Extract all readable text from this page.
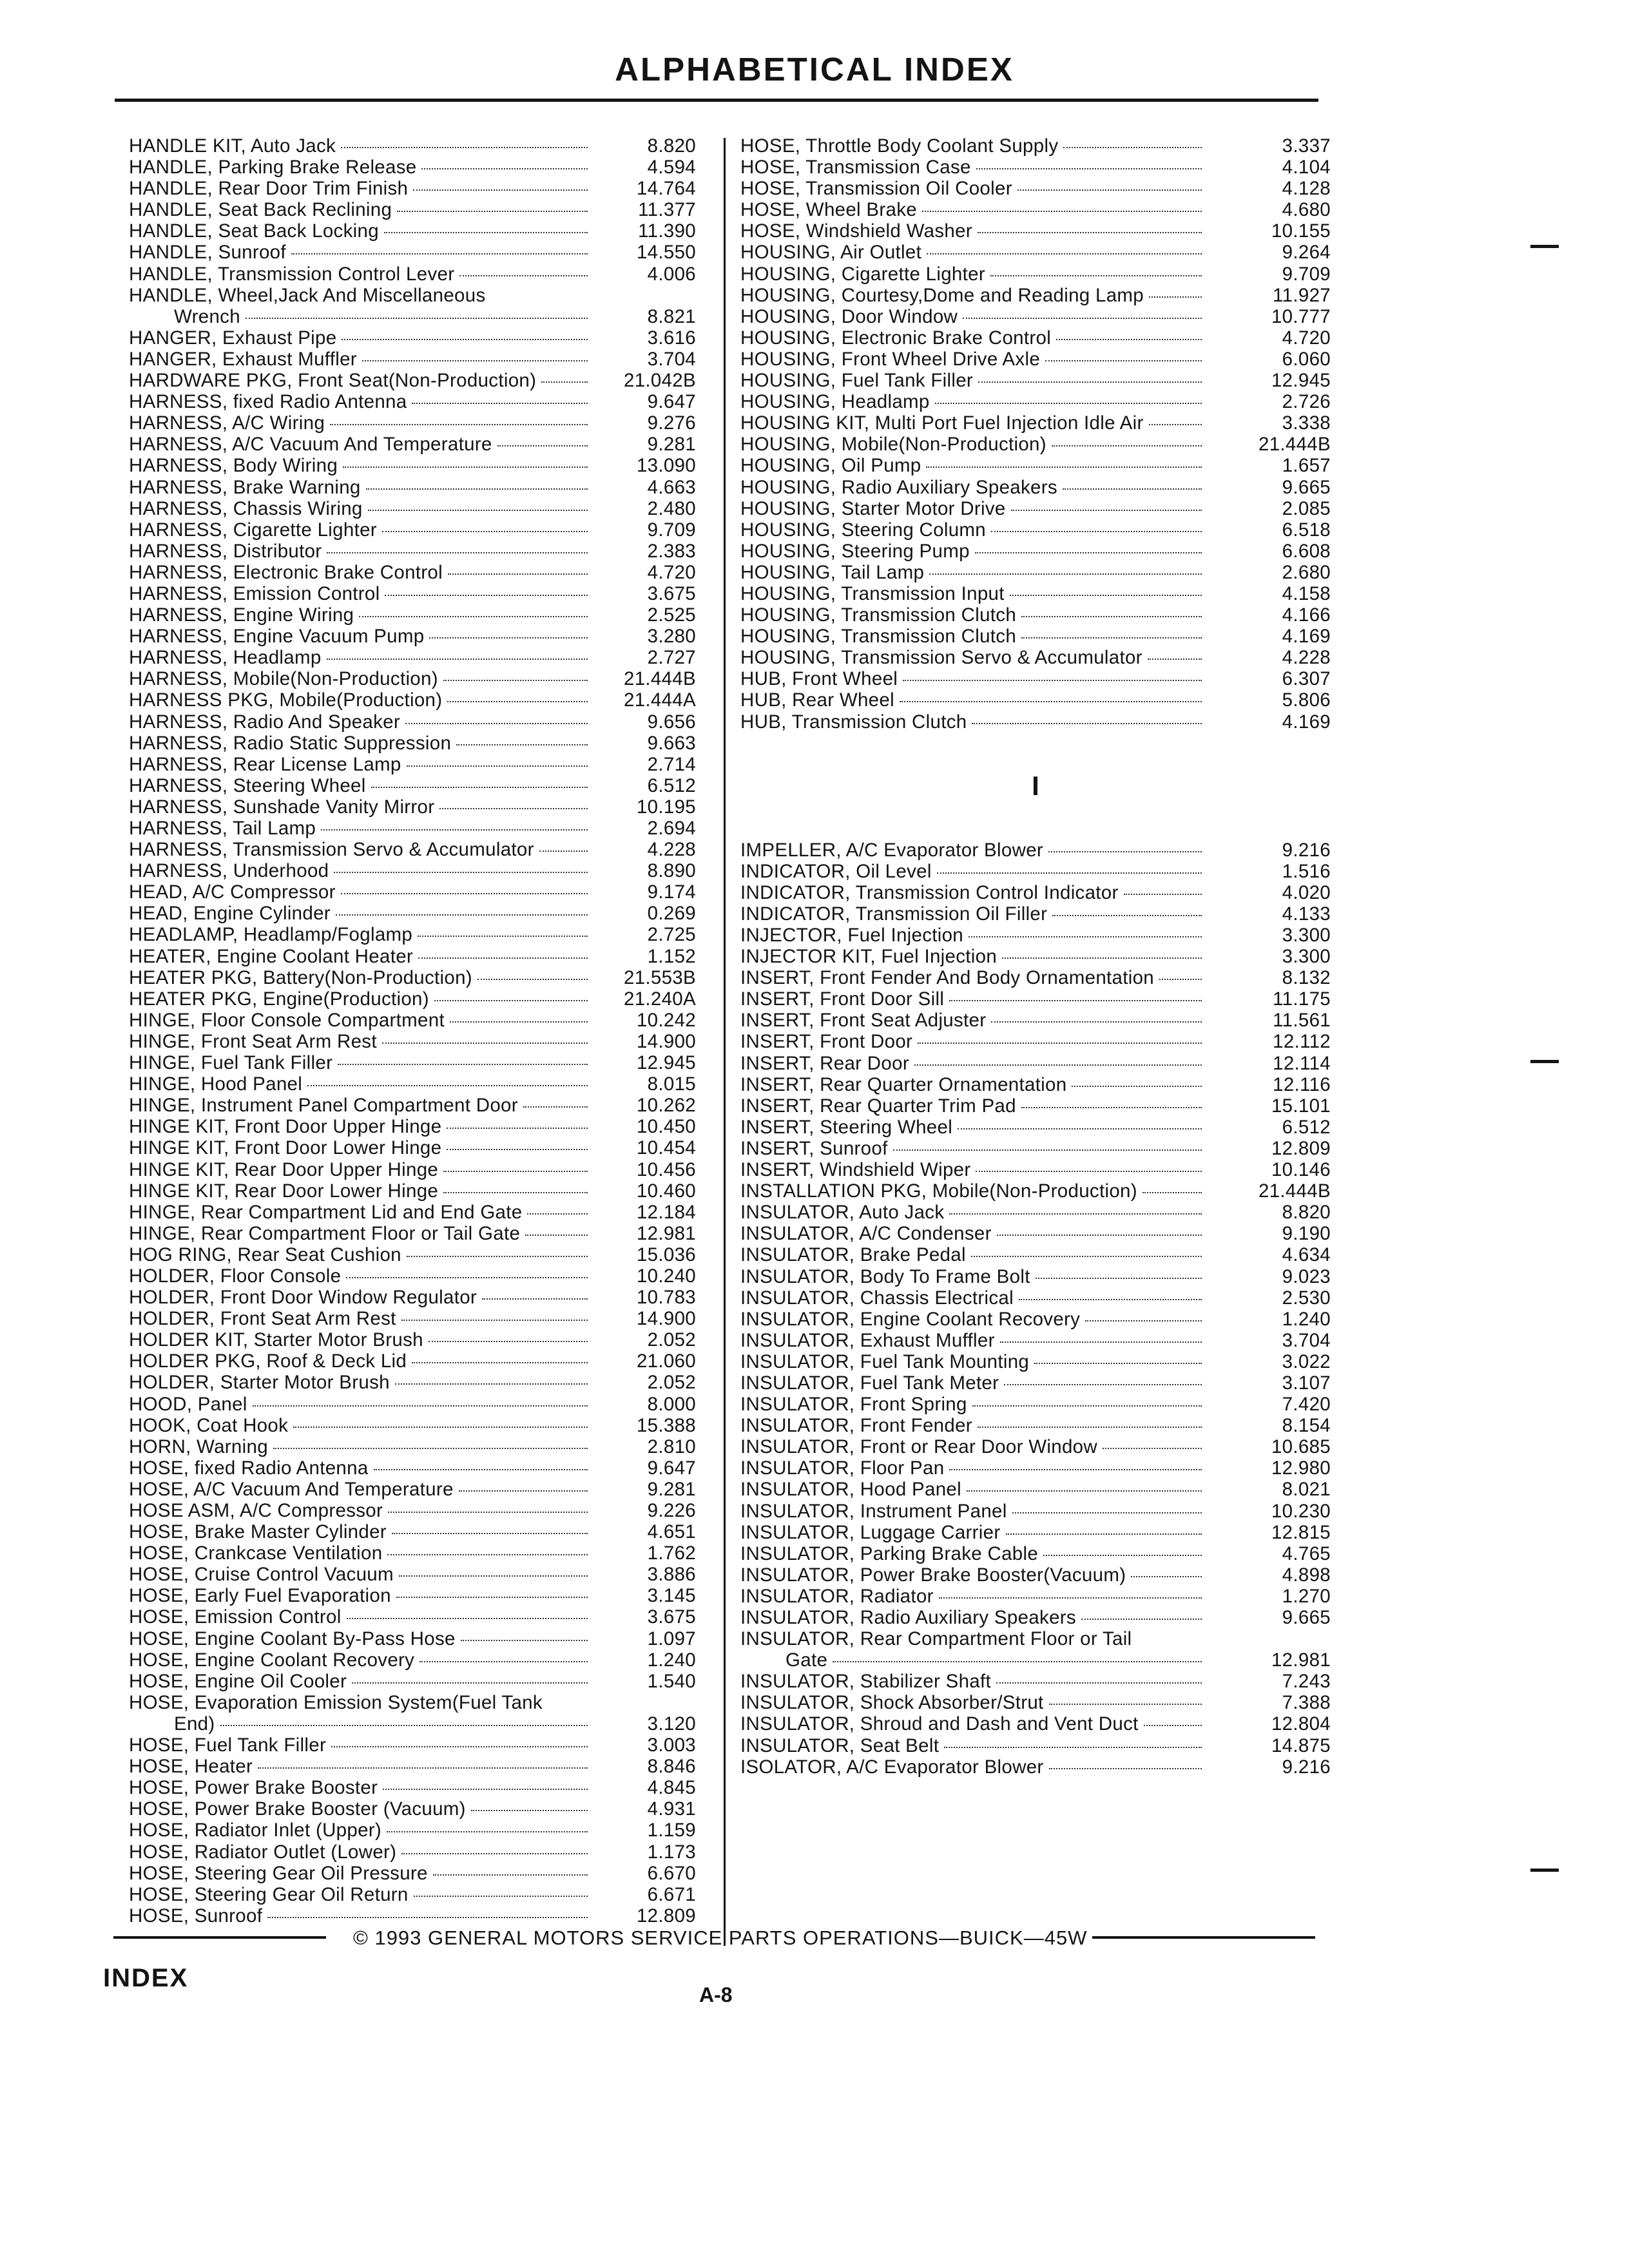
ALPHABETICAL INDEX
HANDLE KIT, Auto Jack	8.820
HANDLE, Parking Brake Release	4.594
HANDLE, Rear Door Trim Finish	14.764
HANDLE, Seat Back Reclining	11.377
HANDLE, Seat Back Locking	11.390
HANDLE, Sunroof	14.550
HANDLE, Transmission Control Lever	4.006
HANDLE, Wheel,Jack And Miscellaneous
Wrench	8.821
HANGER, Exhaust Pipe	3.616
HANGER, Exhaust Muffler	3.704
HARDWARE PKG, Front Seat(Non-Production)	21.042B
HARNESS, fixed Radio Antenna	9.647
HARNESS, A/C Wiring	9.276
HARNESS, A/C Vacuum And Temperature	9.281
HARNESS, Body Wiring	13.090
HARNESS, Brake Warning	4.663
HARNESS, Chassis Wiring	2.480
HARNESS, Cigarette Lighter	9.709
HARNESS, Distributor	2.383
HARNESS, Electronic Brake Control	4.720
HARNESS, Emission Control	3.675
HARNESS, Engine Wiring	2.525
HARNESS, Engine Vacuum Pump	3.280
HARNESS, Headlamp	2.727
HARNESS, Mobile(Non-Production)	21.444B
HARNESS PKG, Mobile(Production)	21.444A
HARNESS, Radio And Speaker	9.656
HARNESS, Radio Static Suppression	9.663
HARNESS, Rear License Lamp	2.714
HARNESS, Steering Wheel	6.512
HARNESS, Sunshade Vanity Mirror	10.195
HARNESS, Tail Lamp	2.694
HARNESS, Transmission Servo & Accumulator	4.228
HARNESS, Underhood	8.890
HEAD, A/C Compressor	9.174
HEAD, Engine Cylinder	0.269
HEADLAMP, Headlamp/Foglamp	2.725
HEATER, Engine Coolant Heater	1.152
HEATER PKG, Battery(Non-Production)	21.553B
HEATER PKG, Engine(Production)	21.240A
HINGE, Floor Console Compartment	10.242
HINGE, Front Seat Arm Rest	14.900
HINGE, Fuel Tank Filler	12.945
HINGE, Hood Panel	8.015
HINGE, Instrument Panel Compartment Door	10.262
HINGE KIT, Front Door Upper Hinge	10.450
HINGE KIT, Front Door Lower Hinge	10.454
HINGE KIT, Rear Door Upper Hinge	10.456
HINGE KIT, Rear Door Lower Hinge	10.460
HINGE, Rear Compartment Lid and End Gate	12.184
HINGE, Rear Compartment Floor or Tail Gate	12.981
HOG RING, Rear Seat Cushion	15.036
HOLDER, Floor Console	10.240
HOLDER, Front Door Window Regulator	10.783
HOLDER, Front Seat Arm Rest	14.900
HOLDER KIT, Starter Motor Brush	2.052
HOLDER PKG, Roof & Deck Lid	21.060
HOLDER, Starter Motor Brush	2.052
HOOD, Panel	8.000
HOOK, Coat Hook	15.388
HORN, Warning	2.810
HOSE, fixed Radio Antenna	9.647
HOSE, A/C Vacuum And Temperature	9.281
HOSE ASM, A/C Compressor	9.226
HOSE, Brake Master Cylinder	4.651
HOSE, Crankcase Ventilation	1.762
HOSE, Cruise Control Vacuum	3.886
HOSE, Early Fuel Evaporation	3.145
HOSE, Emission Control	3.675
HOSE, Engine Coolant By-Pass Hose	1.097
HOSE, Engine Coolant Recovery	1.240
HOSE, Engine Oil Cooler	1.540
HOSE, Evaporation Emission System(Fuel Tank
End)	3.120
HOSE, Fuel Tank Filler	3.003
HOSE, Heater	8.846
HOSE, Power Brake Booster	4.845
HOSE, Power Brake Booster (Vacuum)	4.931
HOSE, Radiator Inlet (Upper)	1.159
HOSE, Radiator Outlet (Lower)	1.173
HOSE, Steering Gear Oil Pressure	6.670
HOSE, Steering Gear Oil Return	6.671
HOSE, Sunroof	12.809
HOSE, Throttle Body Coolant Supply	3.337
HOSE, Transmission Case	4.104
HOSE, Transmission Oil Cooler	4.128
HOSE, Wheel Brake	4.680
HOSE, Windshield Washer	10.155
HOUSING, Air Outlet	9.264
HOUSING, Cigarette Lighter	9.709
HOUSING, Courtesy,Dome and Reading Lamp	11.927
HOUSING, Door Window	10.777
HOUSING, Electronic Brake Control	4.720
HOUSING, Front Wheel Drive Axle	6.060
HOUSING, Fuel Tank Filler	12.945
HOUSING, Headlamp	2.726
HOUSING KIT, Multi Port Fuel Injection Idle Air	3.338
HOUSING, Mobile(Non-Production)	21.444B
HOUSING, Oil Pump	1.657
HOUSING, Radio Auxiliary Speakers	9.665
HOUSING, Starter Motor Drive	2.085
HOUSING, Steering Column	6.518
HOUSING, Steering Pump	6.608
HOUSING, Tail Lamp	2.680
HOUSING, Transmission Input	4.158
HOUSING, Transmission Clutch	4.166
HOUSING, Transmission Clutch	4.169
HOUSING, Transmission Servo & Accumulator	4.228
HUB, Front Wheel	6.307
HUB, Rear Wheel	5.806
HUB, Transmission Clutch	4.169
I
IMPELLER, A/C Evaporator Blower	9.216
INDICATOR, Oil Level	1.516
INDICATOR, Transmission Control Indicator	4.020
INDICATOR, Transmission Oil Filler	4.133
INJECTOR, Fuel Injection	3.300
INJECTOR KIT, Fuel Injection	3.300
INSERT, Front Fender And Body Ornamentation	8.132
INSERT, Front Door Sill	11.175
INSERT, Front Seat Adjuster	11.561
INSERT, Front Door	12.112
INSERT, Rear Door	12.114
INSERT, Rear Quarter Ornamentation	12.116
INSERT, Rear Quarter Trim Pad	15.101
INSERT, Steering Wheel	6.512
INSERT, Sunroof	12.809
INSERT, Windshield Wiper	10.146
INSTALLATION PKG, Mobile(Non-Production)	21.444B
INSULATOR, Auto Jack	8.820
INSULATOR, A/C Condenser	9.190
INSULATOR, Brake Pedal	4.634
INSULATOR, Body To Frame Bolt	9.023
INSULATOR, Chassis Electrical	2.530
INSULATOR, Engine Coolant Recovery	1.240
INSULATOR, Exhaust Muffler	3.704
INSULATOR, Fuel Tank Mounting	3.022
INSULATOR, Fuel Tank Meter	3.107
INSULATOR, Front Spring	7.420
INSULATOR, Front Fender	8.154
INSULATOR, Front or Rear Door Window	10.685
INSULATOR, Floor Pan	12.980
INSULATOR, Hood Panel	8.021
INSULATOR, Instrument Panel	10.230
INSULATOR, Luggage Carrier	12.815
INSULATOR, Parking Brake Cable	4.765
INSULATOR, Power Brake Booster(Vacuum)	4.898
INSULATOR, Radiator	1.270
INSULATOR, Radio Auxiliary Speakers	9.665
INSULATOR, Rear Compartment Floor or Tail
Gate	12.981
INSULATOR, Stabilizer Shaft	7.243
INSULATOR, Shock Absorber/Strut	7.388
INSULATOR, Shroud and Dash and Vent Duct	12.804
INSULATOR, Seat Belt	14.875
ISOLATOR, A/C Evaporator Blower	9.216
© 1993 GENERAL MOTORS SERVICE PARTS OPERATIONS—BUICK—45W
INDEX
A-8
